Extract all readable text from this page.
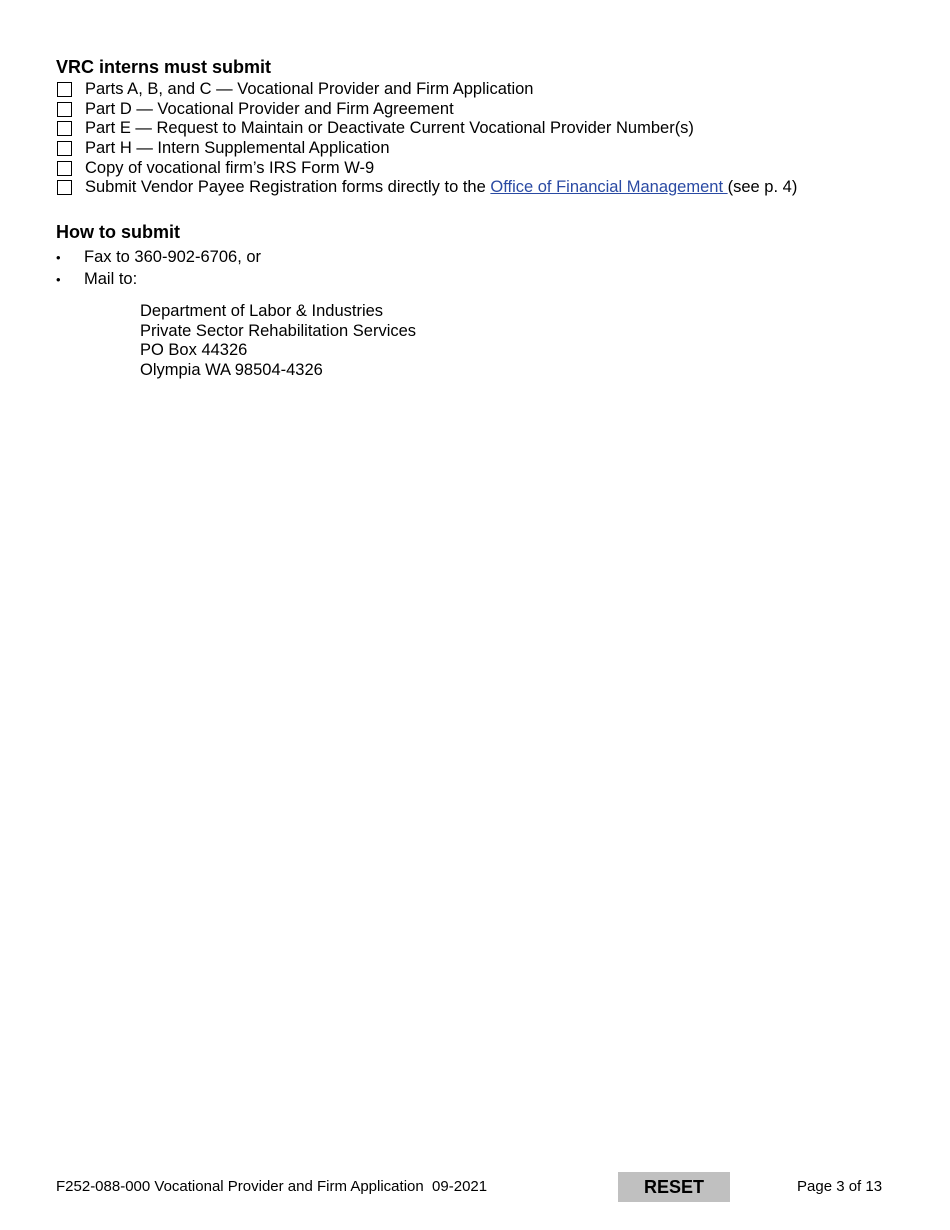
VRC interns must submit
Parts A, B, and C — Vocational Provider and Firm Application
Part D — Vocational Provider and Firm Agreement
Part E — Request to Maintain or Deactivate Current Vocational Provider Number(s)
Part H — Intern Supplemental Application
Copy of vocational firm’s IRS Form W-9
Submit Vendor Payee Registration forms directly to the Office of Financial Management (see p. 4)
How to submit
•	Fax to 360-902-6706, or
•	Mail to:
Department of Labor & Industries
Private Sector Rehabilitation Services
PO Box 44326
Olympia WA 98504-4326
F252-088-000 Vocational Provider and Firm Application  09-2021	RESET	Page 3 of 13
